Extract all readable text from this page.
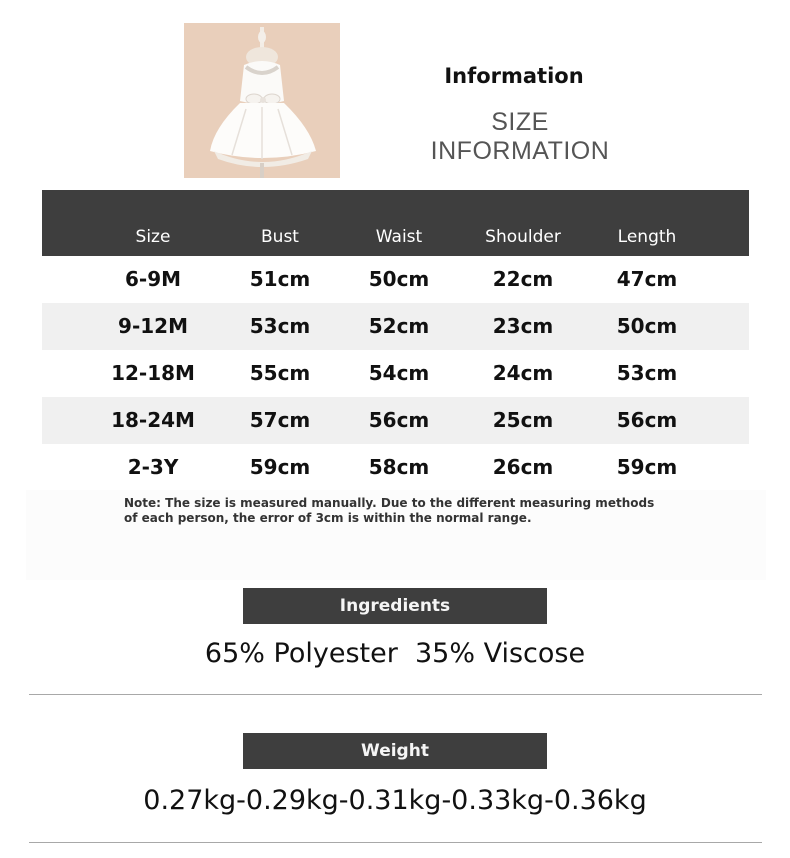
Information
SIZE INFORMATION
Size	Bust	Waist	Shoulder	Length
6-9M	51cm	50cm	22cm	47cm
9-12M	53cm	52cm	23cm	50cm
12-18M	55cm	54cm	24cm	53cm
18-24M	57cm	56cm	25cm	56cm
2-3Y	59cm	58cm	26cm	59cm
Note: The size is measured manually. Due to the different measuring methods
of each person, the error of 3cm is within the normal range.
Ingredients
65% Polyester  35% Viscose
Weight
0.27kg-0.29kg-0.31kg-0.33kg-0.36kg
